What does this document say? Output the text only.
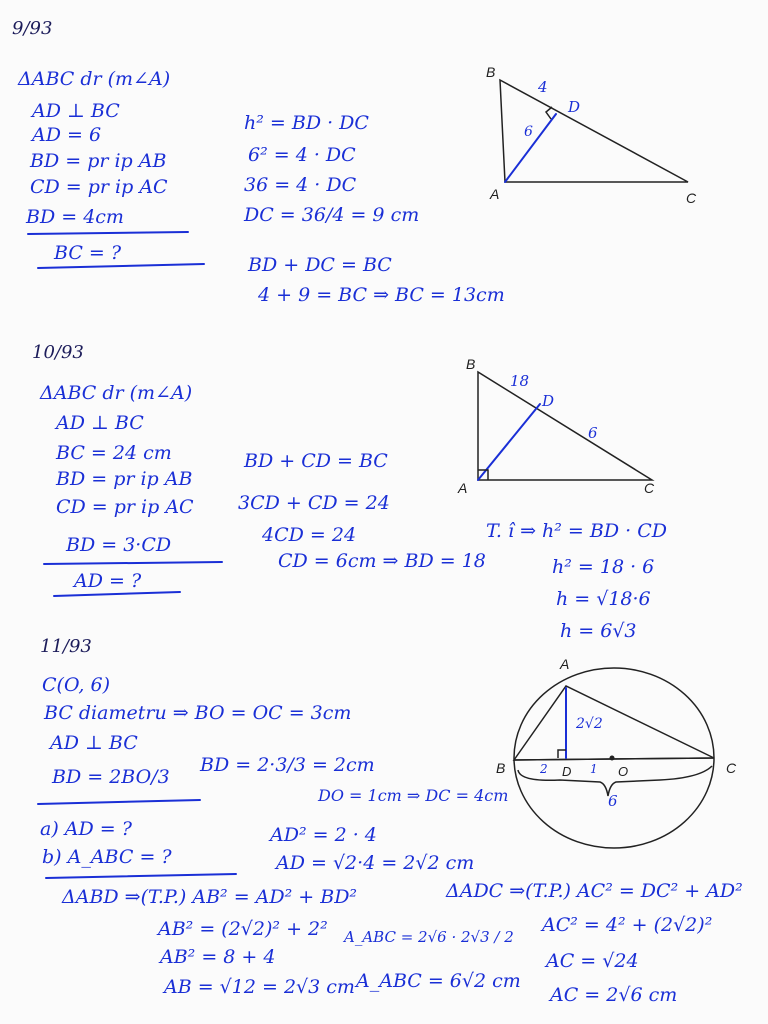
9/93
ΔABC dr (m∠A)
AD ⊥ BC
AD = 6
BD = pr ip AB
CD = pr ip AC
BD = 4cm
BC = ?
h² = BD · DC
6² = 4 · DC
36 = 4 · DC
DC = 36/4 = 9 cm
BD + DC = BC
4 + 9 = BC ⇒ BC = 13cm
B
4
D
6
A	C
10/93
ΔABC dr (m∠A)
AD ⊥ BC
BC = 24 cm
BD = pr ip AB
CD = pr ip AC
BD = 3·CD
AD = ?
BD + CD = BC
3CD + CD = 24
4CD = 24
CD = 6cm ⇒ BD = 18
T. î ⇒ h² = BD · CD
h² = 18 · 6
h = √18·6
h = 6√3
B
18
D
6
A	C
11/93
C(O, 6)
BC diametru ⇒ BO = OC = 3cm
AD ⊥ BC
BD = 2BO/3
BD = 2·3/3 = 2cm
DO = 1cm ⇒ DC = 4cm
a) AD = ?
b) A_ABC = ?
AD² = 2 · 4
AD = √2·4 = 2√2 cm
ΔABD ⇒(T.P.) AB² = AD² + BD²
AB² = (2√2)² + 2²
AB² = 8 + 4
AB = √12 = 2√3 cm
A_ABC = 2√6 · 2√3 / 2
A_ABC = 6√2 cm
ΔADC ⇒(T.P.) AC² = DC² + AD²
AC² = 4² + (2√2)²
AC = √24
AC = 2√6 cm
A
2√2
B	2 D 1 O	C
6
